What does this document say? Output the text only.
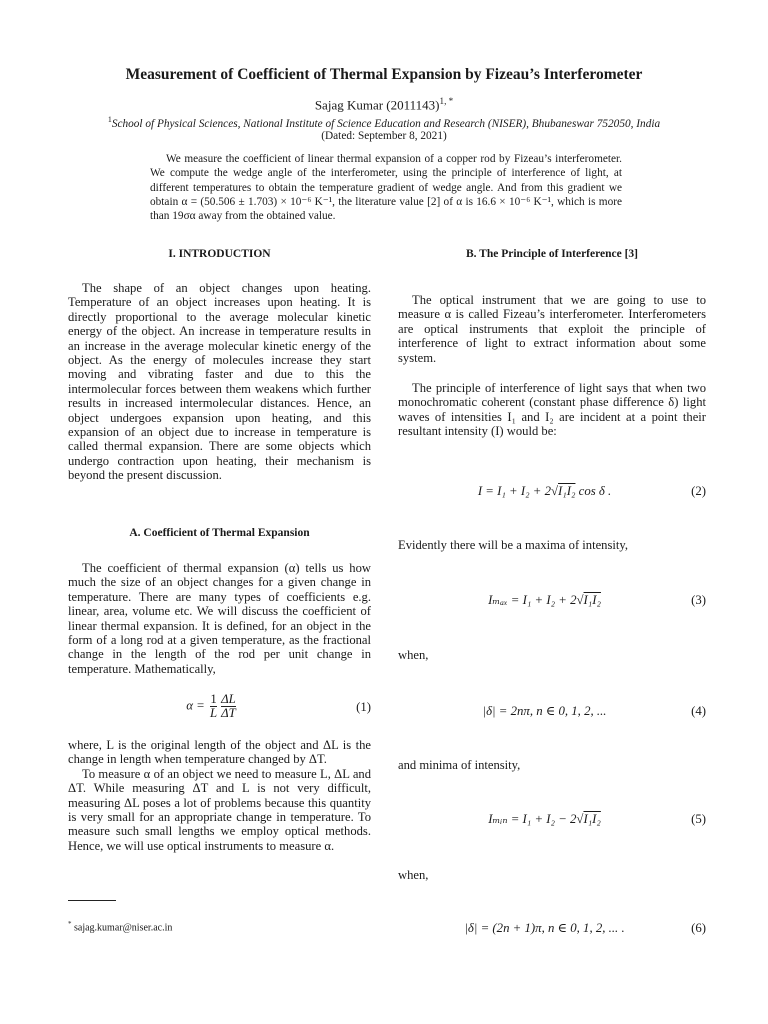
Measurement of Coefficient of Thermal Expansion by Fizeau’s Interferometer
Sajag Kumar $(2011143)^{1, *}$
$^1$School of Physical Sciences, National Institute of Science Education and Research (NISER), Bhubaneswar 752050, India
(Dated: September 8, 2021)
We measure the coefficient of linear thermal expansion of a copper rod by Fizeau’s interferometer. We compute the wedge angle of the interferometer, using the principle of interference of light, at different temperatures to obtain the temperature gradient of wedge angle. And from this gradient we obtain α = (50.506 ± 1.703) × 10⁻⁶ K⁻¹, the literature value [2] of α is 16.6 × 10⁻⁶ K⁻¹, which is more than 19σα away from the obtained value.
I. INTRODUCTION

The shape of an object changes upon heating. Temperature of an object increases upon heating. It is directly proportional to the average molecular kinetic energy of the object. An increase in temperature results in an increase in the average molecular kinetic energy of the object. As the energy of molecules increase they start moving and vibrating faster and due to this the intermolecular forces between them weakens which further results in increased intermolecular distances. Hence, an object undergoes expansion upon heating, and this expansion of an object due to increase in temperature is called thermal expansion. There are some objects which undergo contraction upon heating, their mechanism is beyond the present discussion.

A. Coefficient of Thermal Expansion

The coefficient of thermal expansion (α) tells us how much the size of an object changes for a given change in temperature. There are many types of coefficients e.g. linear, area, volume etc. We will discuss the coefficient of linear thermal expansion. It is defined, for an object in the form of a long rod at a given temperature, as the fractional change in the length of the rod per unit change in temperature. Mathematically,

$\alpha = \frac{1}{L} \frac{\Delta L}{\Delta T}$	(1)

where, L is the original length of the object and ΔL is the change in length when temperature changed by ΔT.

To measure α of an object we need to measure L, ΔL and ΔT. While measuring ΔT and L is not very difficult, measuring ΔL poses a lot of problems because this quantity is very small for an appropriate change in temperature. To measure such small lengths we employ optical methods. Hence, we will use optical instruments to measure α.

* sajag.kumar@niser.ac.in
B. The Principle of Interference [3]

The optical instrument that we are going to use to measure α is called Fizeau’s interferometer. Interferometers are optical instruments that exploit the principle of interference of light to extract information about some system.

The principle of interference of light says that when two monochromatic coherent (constant phase difference δ) light waves of intensities I₁ and I₂ are incident at a point their resultant intensity (I) would be:

I = I₁ + I₂ + 2√I₁I₂ cos δ .	(2)
Evidently there will be a maxima of intensity,
Iₘₐₓ = I₁ + I₂ + 2√I₁I₂	(3)
when,
|δ| = 2nπ, n ∈ 0, 1, 2, ...	(4)
and minima of intensity,
Iₘᵢₙ = I₁ + I₂ − 2√I₁I₂	(5)
when,
|δ| = (2n + 1)π, n ∈ 0, 1, 2, ... .	(6)
